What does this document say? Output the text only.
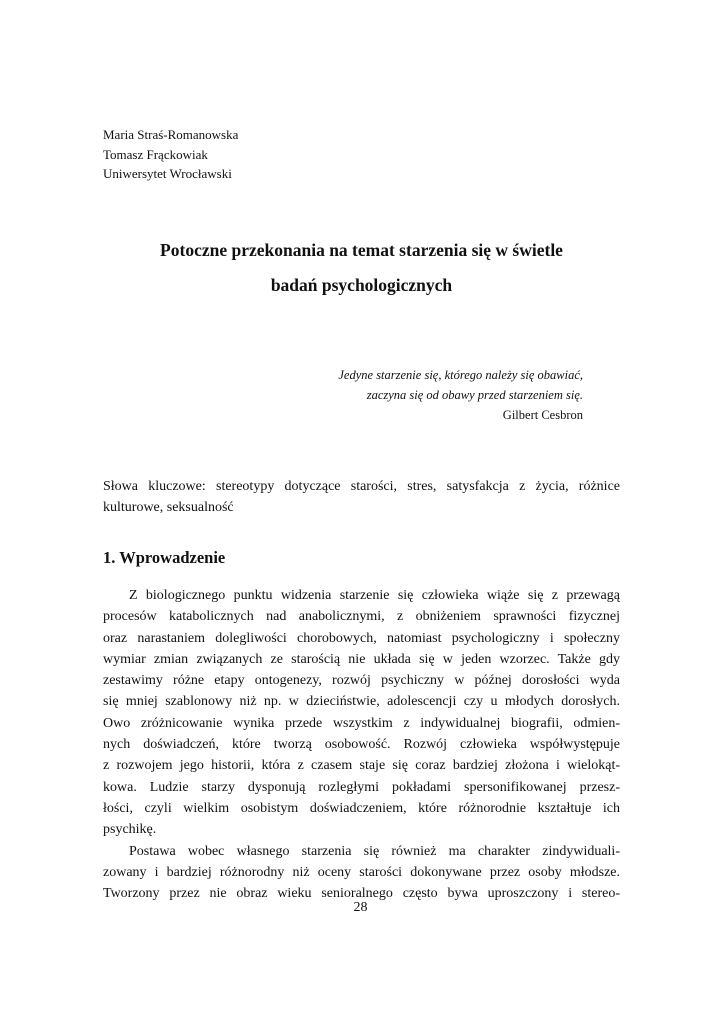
Maria Straś-Romanowska
Tomasz Frąckowiak
Uniwersytet Wrocławski
Potoczne przekonania na temat starzenia się w świetle
badań psychologicznych
Jedyne starzenie się, którego należy się obawiać,
zaczyna się od obawy przed starzeniem się.
Gilbert Cesbron
Słowa kluczowe: stereotypy dotyczące starości, stres, satysfakcja z życia, różnice
kulturowe, seksualność
1. Wprowadzenie
Z biologicznego punktu widzenia starzenie się człowieka wiąże się z przewagą
procesów katabolicznych nad anabolicznymi, z obniżeniem sprawności fizycznej
oraz narastaniem dolegliwości chorobowych, natomiast psychologiczny i społeczny
wymiar zmian związanych ze starością nie układa się w jeden wzorzec. Także gdy
zestawimy różne etapy ontogenezy, rozwój psychiczny w późnej dorosłości wyda
się mniej szablonowy niż np. w dzieciństwie, adolescencji czy u młodych dorosłych.
Owo zróżnicowanie wynika przede wszystkim z indywidualnej biografii, odmien-
nych doświadczeń, które tworzą osobowość. Rozwój człowieka współwystępuje
z rozwojem jego historii, która z czasem staje się coraz bardziej złożona i wielokąt-
kowa. Ludzie starzy dysponują rozległymi pokładami spersonifikowanej przesz-
łości, czyli wielkim osobistym doświadczeniem, które różnorodnie kształtuje ich
psychikę.
Postawa wobec własnego starzenia się również ma charakter zindywiduali-
zowany i bardziej różnorodny niż oceny starości dokonywane przez osoby młodsze.
Tworzony przez nie obraz wieku senioralnego często bywa uproszczony i stereo-
28
